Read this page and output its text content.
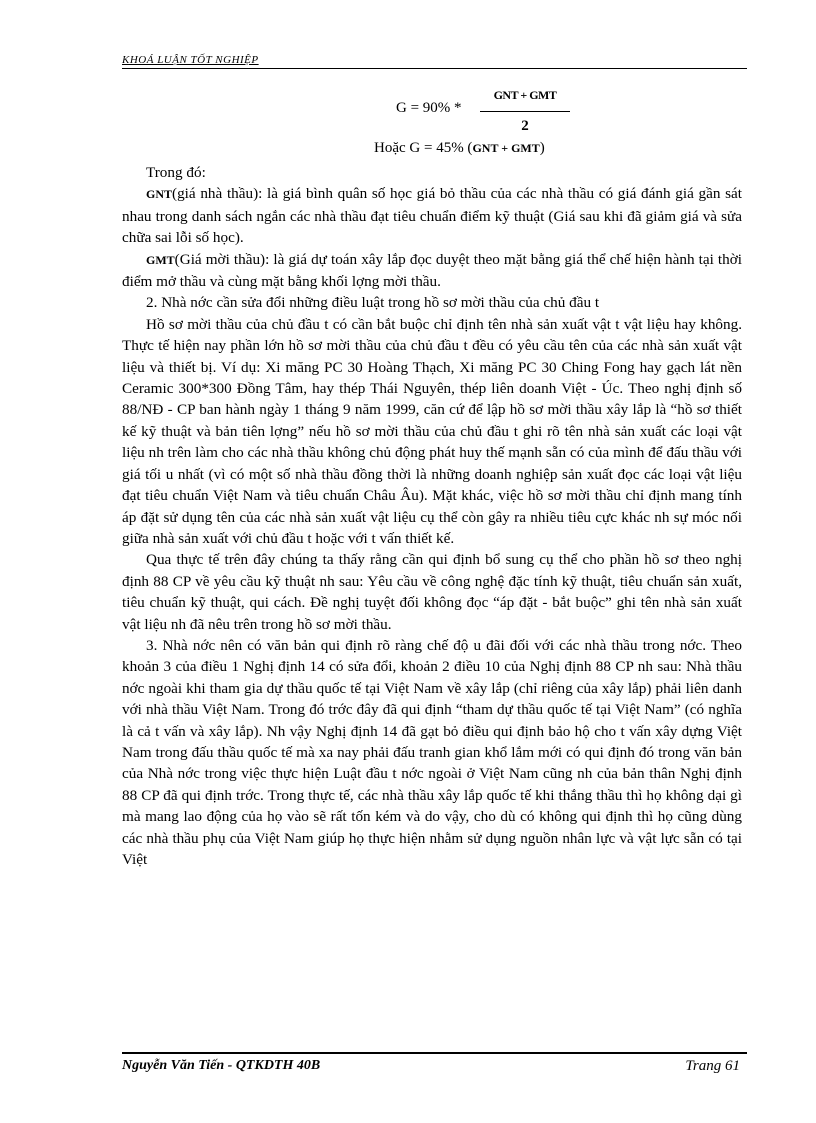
KHOÁ LUẬN TỐT NGHIỆP
G = 90% *
GNT + GMT
2
Hoặc G = 45% (GNT + GMT)

Trong đó:

GNT(giá nhà thầu): là giá bình quân số học giá bỏ thầu của các nhà thầu có giá đánh giá gần sát nhau trong danh sách ngắn các nhà thầu đạt tiêu chuẩn điểm kỹ thuật (Giá sau khi đã giảm giá và sửa chữa sai lỗi số học).

GMT(Giá mời thầu): là giá dự toán xây lắp đọc duyệt theo mặt bằng giá thể chế hiện hành tại thời điểm mở thầu và cùng mặt bằng khối lợng mời thầu.

2. Nhà nớc cần sửa đổi những điều luật trong hồ sơ mời thầu của chủ đầu t

Hồ sơ mời thầu của chủ đầu t có cần bắt buộc chỉ định tên nhà sản xuất vật t vật liệu hay không. Thực tế hiện nay phần lớn hồ sơ mời thầu của chủ đầu t đều có yêu cầu tên của các nhà sản xuất vật liệu và thiết bị. Ví dụ: Xi măng PC 30 Hoàng Thạch, Xi măng PC 30 Ching Fong hay gạch lát nền Ceramic 300*300 Đồng Tâm, hay thép Thái Nguyên, thép liên doanh Việt - Úc. Theo nghị định số 88/NĐ - CP ban hành ngày 1 tháng 9 năm 1999, căn cứ để lập hồ sơ mời thầu xây lắp là “hồ sơ thiết kế kỹ thuật và bản tiên lợng” nếu hồ sơ mời thầu của chủ đầu t ghi rõ tên nhà sản xuất các loại vật liệu nh trên làm cho các nhà thầu không chủ động phát huy thế mạnh sẵn có của mình để đấu thầu với giá tối u nhất (vì có một số nhà thầu đồng thời là những doanh nghiệp sản xuất đọc các loại vật liệu đạt tiêu chuẩn Việt Nam và tiêu chuẩn Châu Âu). Mặt khác, việc hồ sơ mời thầu chỉ định mang tính áp đặt sử dụng tên của các nhà sản xuất vật liệu cụ thể còn gây ra nhiều tiêu cực khác nh sự móc nối giữa nhà sản xuất với chủ đầu t hoặc với t vấn thiết kế.

Qua thực tế trên đây chúng ta thấy rằng cần qui định bổ sung cụ thể cho phần hồ sơ theo nghị định 88 CP về yêu cầu kỹ thuật nh sau: Yêu cầu về công nghệ đặc tính kỹ thuật, tiêu chuẩn sản xuất, tiêu chuẩn kỹ thuật, qui cách. Đề nghị tuyệt đối không đọc “áp đặt - bắt buộc” ghi tên nhà sản xuất vật liệu nh đã nêu trên trong hồ sơ mời thầu.

3. Nhà nớc nên có văn bản qui định rõ ràng chế độ u đãi đối với các nhà thầu trong nớc. Theo khoản 3 của điều 1 Nghị định 14 có sửa đổi, khoản 2 điều 10 của Nghị định 88 CP nh sau: Nhà thầu nớc ngoài khi tham gia dự thầu quốc tế tại Việt Nam về xây lắp (chỉ riêng của xây lắp) phải liên danh với nhà thầu Việt Nam. Trong đó trớc đây đã qui định “tham dự thầu quốc tế tại Việt Nam” (có nghĩa là cả t vấn và xây lắp). Nh vậy Nghị định 14 đã gạt bỏ điều qui định bảo hộ cho t vấn xây dựng Việt Nam trong đấu thầu quốc tế mà xa nay phải đấu tranh gian khổ lắm mới có qui định đó trong văn bản của Nhà nớc trong việc thực hiện Luật đầu t nớc ngoài ở Việt Nam cũng nh của bản thân Nghị định 88 CP đã qui định trớc. Trong thực tế, các nhà thầu xây lắp quốc tế khi thắng thầu thì họ không dại gì mà mang lao động của họ vào sẽ rất tốn kém và do vậy, cho dù có không qui định thì họ cũng dùng các nhà thầu phụ của Việt Nam giúp họ thực hiện nhằm sử dụng nguồn nhân lực và vật lực sẵn có tại Việt

Nguyễn Văn Tiến - QTKDTH 40B	Trang 61
